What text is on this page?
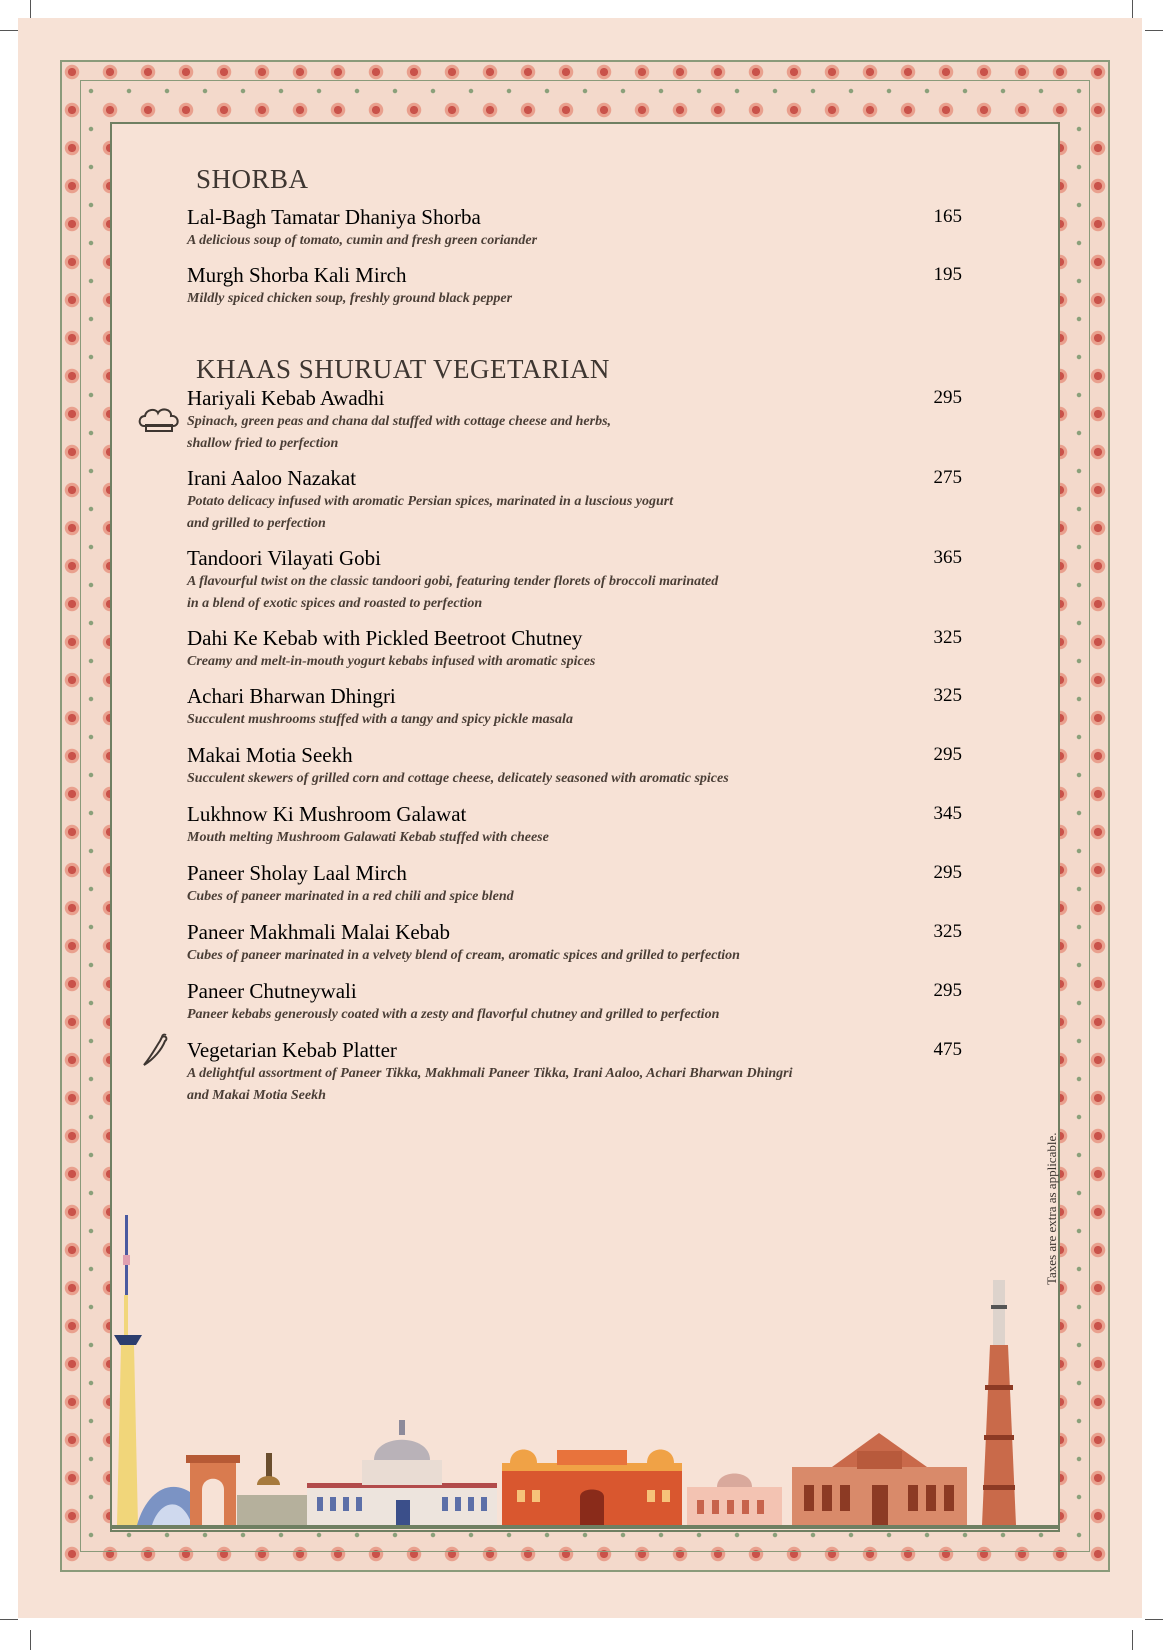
SHORBA
Lal-Bagh Tamatar Dhaniya Shorba
A delicious soup of tomato, cumin and fresh green coriander
165
Murgh Shorba Kali Mirch
Mildly spiced chicken soup, freshly ground black pepper
195
Hariyali Kebab Awadhi
Spinach, green peas and chana dal stuffed with cottage cheese and herbs,
shallow fried to perfection
295
Irani Aaloo Nazakat
Potato delicacy infused with aromatic Persian spices, marinated in a luscious yogurt
and grilled to perfection
275
Tandoori Vilayati Gobi
A flavourful twist on the classic tandoori gobi, featuring tender florets of broccoli marinated
in a blend of exotic spices and roasted to perfection
365
Dahi Ke Kebab with Pickled Beetroot Chutney
Creamy and melt-in-mouth yogurt kebabs infused with aromatic spices
325
Achari Bharwan Dhingri
Succulent mushrooms stuffed with a tangy and spicy pickle masala
325
Makai Motia Seekh
Succulent skewers of grilled corn and cottage cheese, delicately seasoned with aromatic spices
295
Lukhnow Ki Mushroom Galawat
Mouth melting Mushroom Galawati Kebab stuffed with cheese
345
Paneer Sholay Laal Mirch
Cubes of paneer marinated in a red chili and spice blend
295
Paneer Makhmali Malai Kebab
Cubes of paneer marinated in a velvety blend of cream, aromatic spices and grilled to perfection
325
Paneer Chutneywali
Paneer kebabs generously coated with a zesty and flavorful chutney and grilled to perfection
295
Vegetarian Kebab Platter
A delightful assortment of Paneer Tikka, Makhmali Paneer Tikka, Irani Aaloo, Achari Bharwan Dhingri
and Makai Motia Seekh
475
KHAAS SHURUAT VEGETARIAN
Taxes are extra as applicable.
